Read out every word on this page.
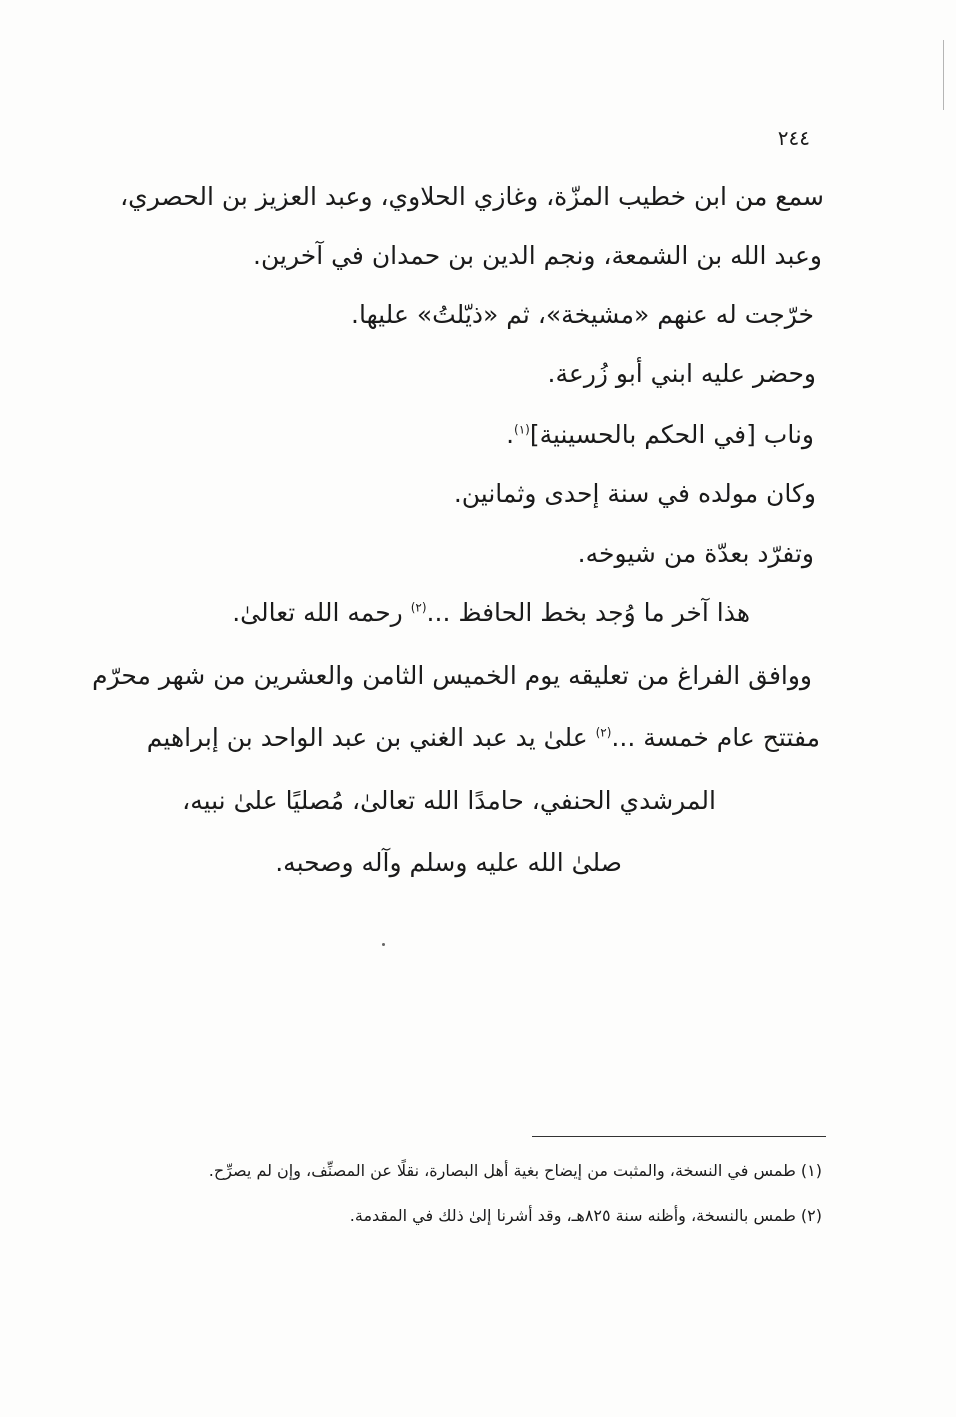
٢٤٤
سمع من ابن خطيب المزّة، وغازي الحلاوي، وعبد العزيز بن الحصري،
وعبد الله بن الشمعة، ونجم الدين بن حمدان في آخرين.
خرّجت له عنهم «مشيخة»، ثم «ذيّلتُ» عليها.
وحضر عليه ابني أبو زُرعة.
وناب [في الحكم بالحسينية]$^{(١)}$.
وكان مولده في سنة إحدى وثمانين.
وتفرّد بعدّة من شيوخه.
هذا آخر ما وُجد بخط الحافظ ...$^{(٢)}$ رحمه الله تعالىٰ.
ووافق الفراغ من تعليقه يوم الخميس الثامن والعشرين من شهر محرّم
مفتتح عام خمسة ...$^{(٢)}$ علىٰ يد عبد الغني بن عبد الواحد بن إبراهيم
المرشدي الحنفي، حامدًا الله تعالىٰ، مُصليًا علىٰ نبيه،
صلىٰ الله عليه وسلم وآله وصحبه.
(١) طمس في النسخة، والمثبت من إيضاح بغية أهل البصارة، نقلًا عن المصنِّف، وإن لم يصرِّح.
(٢) طمس بالنسخة، وأظنه سنة ٨٢٥هـ، وقد أشرنا إلىٰ ذلك في المقدمة.
